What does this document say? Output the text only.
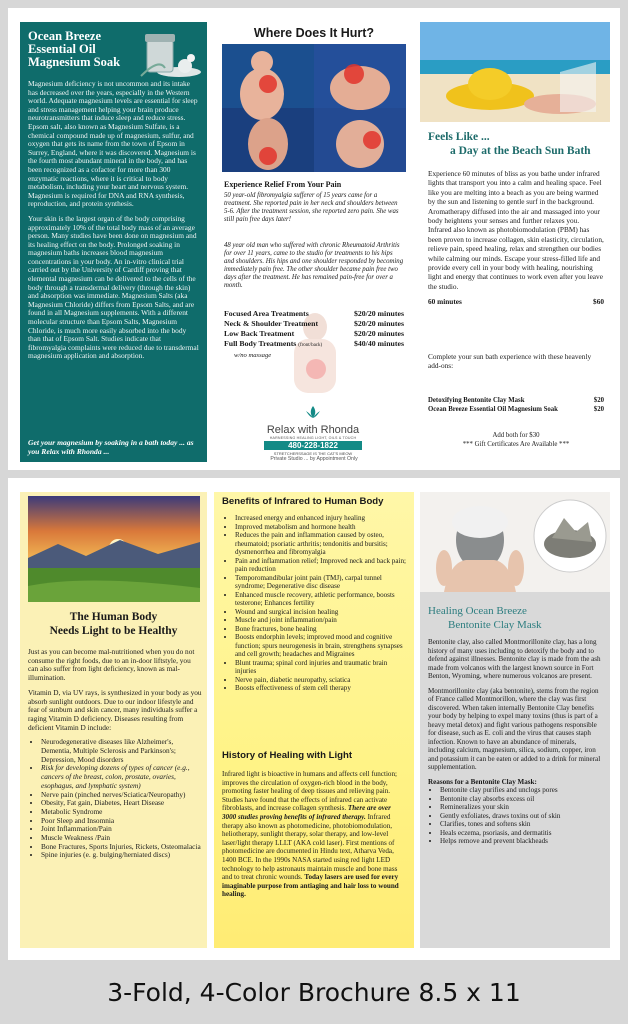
Ocean Breeze Essential Oil Magnesium Soak

Magnesium deficiency is not uncommon and its intake has decreased over the years, especially in the Western world. Adequate magnesium levels are essential for sleep and stress management helping your brain produce neurotransmitters that induce sleep and reduce stress. Epsom salt, also known as Magnesium Sulfate, is a chemical compound made up of magnesium, sulfur, and oxygen that gets its name from the town of Epsom in Surrey, England, where it was discovered. Magnesium is the fourth most abundant mineral in the body, and has been recognized as a cofactor for more than 300 enzymatic reactions, where it is critical to body metabolism, including your heart and nervous system. Magnesium is required for DNA and RNA synthesis, reproduction, and protein synthesis.

Your skin is the largest organ of the body comprising approximately 10% of the total body mass of an average person. Many studies have been done on magnesium and its healing effect on the body. Prolonged soaking in magnesium baths increases blood magnesium concentrations in your body. An in-vitro clinical trial carried out by the University of Cardiff proving that elemental magnesium can be delivered to the cells of the body through a transdermal delivery (through the skin) and absorption was immediate. Magnesium Salts (aka Magnesium Chloride) differs from Epsom Salts, and are found in all Magnesium supplements. With a different molecular structure than Epsom Salts, Magnesium Chloride, is much more easily absorbed into the body than that of Epsom Salt. Studies indicate that fibromyalgia complaints were reduced due to transdermal magnesium application and absorption.

Get your magnesium by soaking in a bath today ... as you Relax with Rhonda ...
Where Does It Hurt?
Experience Relief From Your Pain
50 year-old fibromyalgia sufferer of 15 years came for a treatment. She reported pain in her neck and shoulders between 5-6. After the treatment session, she reported zero pain. She was still pain free days later!
48 year old man who suffered with chronic Rheumatoid Arthritis for over 11 years, came to the studio for treatments to his hips and shoulders. His hips and one shoulder responded by becoming immediately pain free. The other shoulder became pain free two days after the treatment. He has remained pain-free for over a month.
Focused Area Treatments	$20/20 minutes
Neck & Shoulder Treatment	$20/20 minutes
Low Back Treatment	$20/20 minutes
Full Body Treatments (front/back)	$40/40 minutes
w/no massage
Relax with Rhonda
HARNESSING HEALING LIGHT, OILS & TOUCH
480-228-1822
STRETCHERSSAGE IS THE CAT'S MEOW
Private Studio ... by Appointment Only
Feels Like ...
a Day at the Beach Sun Bath

Experience 60 minutes of bliss as you bathe under infrared lights that transport you into a calm and healing space. Feel like you are melting into a beach as you are being warmed by the sun and listening to gentle surf in the background. Aromatherapy diffused into the air and massaged into your body heightens your senses and further relaxes you. Infrared also known as photobiomodulation (PBM) has been proven to increase collagen, skin elasticity, circulation, relieve pain, speed healing, relax and strengthen our bodies while calming our minds. Escape your stress-filled life and provide every cell in your body with healing, nourishing light and energy that continues to work even after you leave the studio.

60 minutes	$60
Complete your sun bath experience with these heavenly add-ons:
Detoxifying Bentonite Clay Mask	$20
Ocean Breeze Essential Oil Magnesium Soak	$20
Add both for $30
*** Gift Certificates Are Available ***
The Human Body
Needs Light to be Healthy

Just as you can become mal-nutritioned when you do not consume the right foods, due to an in-door liftstyle, you can also suffer from light deficiency, known as mal-illumination.

Vitamin D, via UV rays, is synthesized in your body as you absorb sunlight outdoors. Due to our indoor lifestyle and fear of sunburn and skin cancer, many individuals suffer a raging Vitamin D deficiency. Diseases resulting from deficient Vitamin D include:

• Neurodegenerative diseases like Alzheimer's, Dementia, Multiple Sclerosis and Parkinson's; Depression, Mood disorders
• Risk for developing dozens of types of cancer (e.g., cancers of the breast, colon, prostate, ovaries, esophagus, and lymphatic system)
• Nerve pain (pinched nerves/Sciatica/Neuropathy)
• Obesity, Fat gain, Diabetes, Heart Disease
• Metabolic Syndrome
• Poor Sleep and Insomnia
• Joint Inflammation/Pain
• Muscle Weakness /Pain
• Bone Fractures, Sports Injuries, Rickets, Osteomalacia
• Spine injuries (e. g. bulging/herniated discs)
Benefits of Infrared to Human Body
• Increased energy and enhanced injury healing
• Improved metabolism and hormone health
• Reduces the pain and inflammation caused by osteo, rheumatoid; psoriatic arthritis; tendonitis and bursitis; dysmenorrhea and fibromyalgia
• Pain and inflammation relief; Improved neck and back pain; pain reduction
• Temporomandibular joint pain (TMJ), carpal tunnel syndrome; Degenerative disc disease
• Enhanced muscle recovery, athletic performance, boosts testerone; Enhances fertility
• Wound and surgical incision healing
• Muscle and joint inflammation/pain
• Bone fractures, bone healing
• Boosts endorphin levels; improved mood and cognitive function; spurs neurogenesis in brain, strengthens synapses and cell growth; headaches and Migraines
• Blunt trauma; spinal cord injuries and traumatic brain injuries
• Nerve pain, diabetic neuropathy, sciatica
• Boosts effectiveness of stem cell therapy
History of Healing with Light
Infrared light is bioactive in humans and affects cell function; improves the circulation of oxygen-rich blood in the body, promoting faster healing of deep tissues and relieving pain. Studies have found that the effects of infrared can activate fibroblasts, and increase collagen synthesis. There are over 3000 studies proving benefits of infrared therapy. Infrared therapy also known as photomedicine, photobiomodulation, heliotherapy, sunlight therapy, solar therapy, and low-level laser/light therapy LLLT (AKA cold laser). First mentions of photomedicine are documented in Hindu text, Atharva Veda, 1400 BCE. In the 1990s NASA started using red light LED technology to help astronauts maintain muscle and bone mass and to treat chronic wounds. Today lasers are used for every imaginable purpose from antiaging and hair loss to wound healing.
Healing Ocean Breeze
Bentonite Clay Mask

Bentonite clay, also called Montmorillonite clay, has a long history of many uses including to detoxify the body and to defend against illnesses. Bentonite clay is made from the ash made from volcanos with the largest known source in Fort Benton, Wyoming, where numerous volcanos are present.

Montmorillonite clay (aka bentonite), stems from the region of France called Montmorillon, where the clay was first discovered. When taken internally Bentonite Clay benefits your body by helping to expel many toxins (thus is part of a heavy metal detox) and fight various pathogens responsible for disease, such as E. coli and the virus that causes staph infection. Known to have an abundance of minerals, including calcium, magnesium, silica, sodium, copper, iron and potassium it can be eaten or added to a drink for mineral supplementation.

Reasons for a Bentonite Clay Mask:
• Bentonite clay purifies and unclogs pores
• Bentonite clay absorbs excess oil
• Remineralizes your skin
• Gently exfoliates, draws toxins out of skin
• Clarifies, tones and softens skin
• Heals eczema, psoriasis, and dermatitis
• Helps remove and prevent blackheads
3-Fold, 4-Color Brochure 8.5 x 11
